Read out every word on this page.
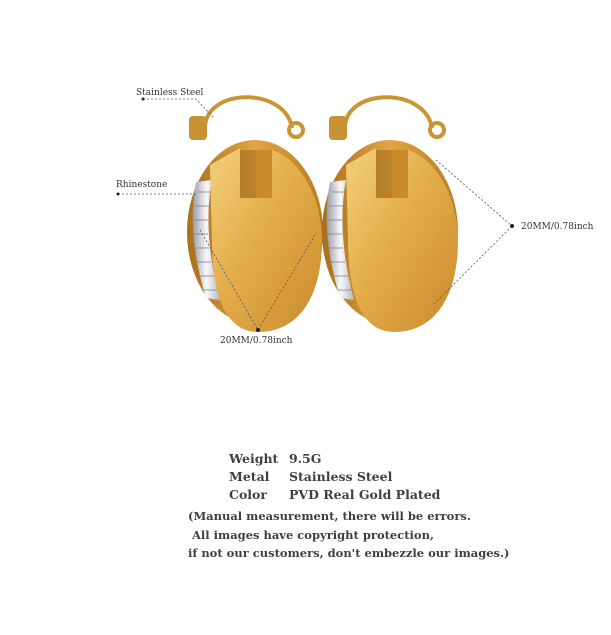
Stainless Steel
Rhinestone
20MM/0.78inch
20MM/0.78inch
Weight 9.5G
Metal	Stainless Steel
Color	PVD Real Gold Plated
(Manual measurement, there will be errors.
All images have copyright protection,
if not our customers, don't embezzle our images.)
